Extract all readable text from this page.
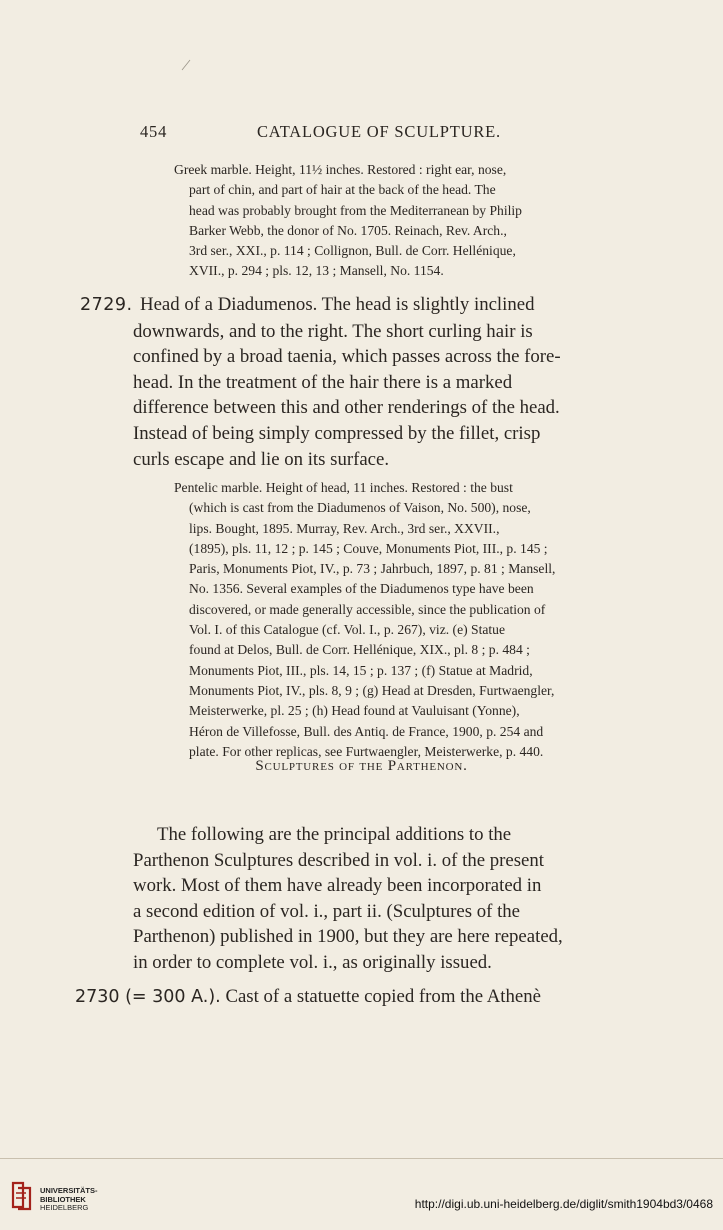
454	CATALOGUE OF SCULPTURE.
Greek marble. Height, 11½ inches. Restored : right ear, nose,
part of chin, and part of hair at the back of the head. The
head was probably brought from the Mediterranean by Philip
Barker Webb, the donor of No. 1705. Reinach, Rev. Arch.,
3rd ser., XXI., p. 114 ; Collignon, Bull. de Corr. Hellénique,
XVII., p. 294 ; pls. 12, 13 ; Mansell, No. 1154.
2729. Head of a Diadumenos. The head is slightly inclined
downwards, and to the right. The short curling hair is
confined by a broad taenia, which passes across the fore-
head. In the treatment of the hair there is a marked
difference between this and other renderings of the head.
Instead of being simply compressed by the fillet, crisp
curls escape and lie on its surface.
Pentelic marble. Height of head, 11 inches. Restored : the bust
(which is cast from the Diadumenos of Vaison, No. 500), nose,
lips. Bought, 1895. Murray, Rev. Arch., 3rd ser., XXVII.,
(1895), pls. 11, 12 ; p. 145 ; Couve, Monuments Piot, III., p. 145 ;
Paris, Monuments Piot, IV., p. 73 ; Jahrbuch, 1897, p. 81 ; Mansell,
No. 1356. Several examples of the Diadumenos type have been
discovered, or made generally accessible, since the publication of
Vol. I. of this Catalogue (cf. Vol. I., p. 267), viz. (e) Statue
found at Delos, Bull. de Corr. Hellénique, XIX., pl. 8 ; p. 484 ;
Monuments Piot, III., pls. 14, 15 ; p. 137 ; (f) Statue at Madrid,
Monuments Piot, IV., pls. 8, 9 ; (g) Head at Dresden, Furtwaengler,
Meisterwerke, pl. 25 ; (h) Head found at Vauluisant (Yonne),
Héron de Villefosse, Bull. des Antiq. de France, 1900, p. 254 and
plate. For other replicas, see Furtwaengler, Meisterwerke, p. 440.
Sculptures of the Parthenon.
The following are the principal additions to the
Parthenon Sculptures described in vol. i. of the present
work. Most of them have already been incorporated in
a second edition of vol. i., part ii. (Sculptures of the
Parthenon) published in 1900, but they are here repeated,
in order to complete vol. i., as originally issued.
2730 (= 300 A.). Cast of a statuette copied from the Athenè
UNIVERSITÄTS-
BIBLIOTHEK
HEIDELBERG	http://digi.ub.uni-heidelberg.de/diglit/smith1904bd3/0468
